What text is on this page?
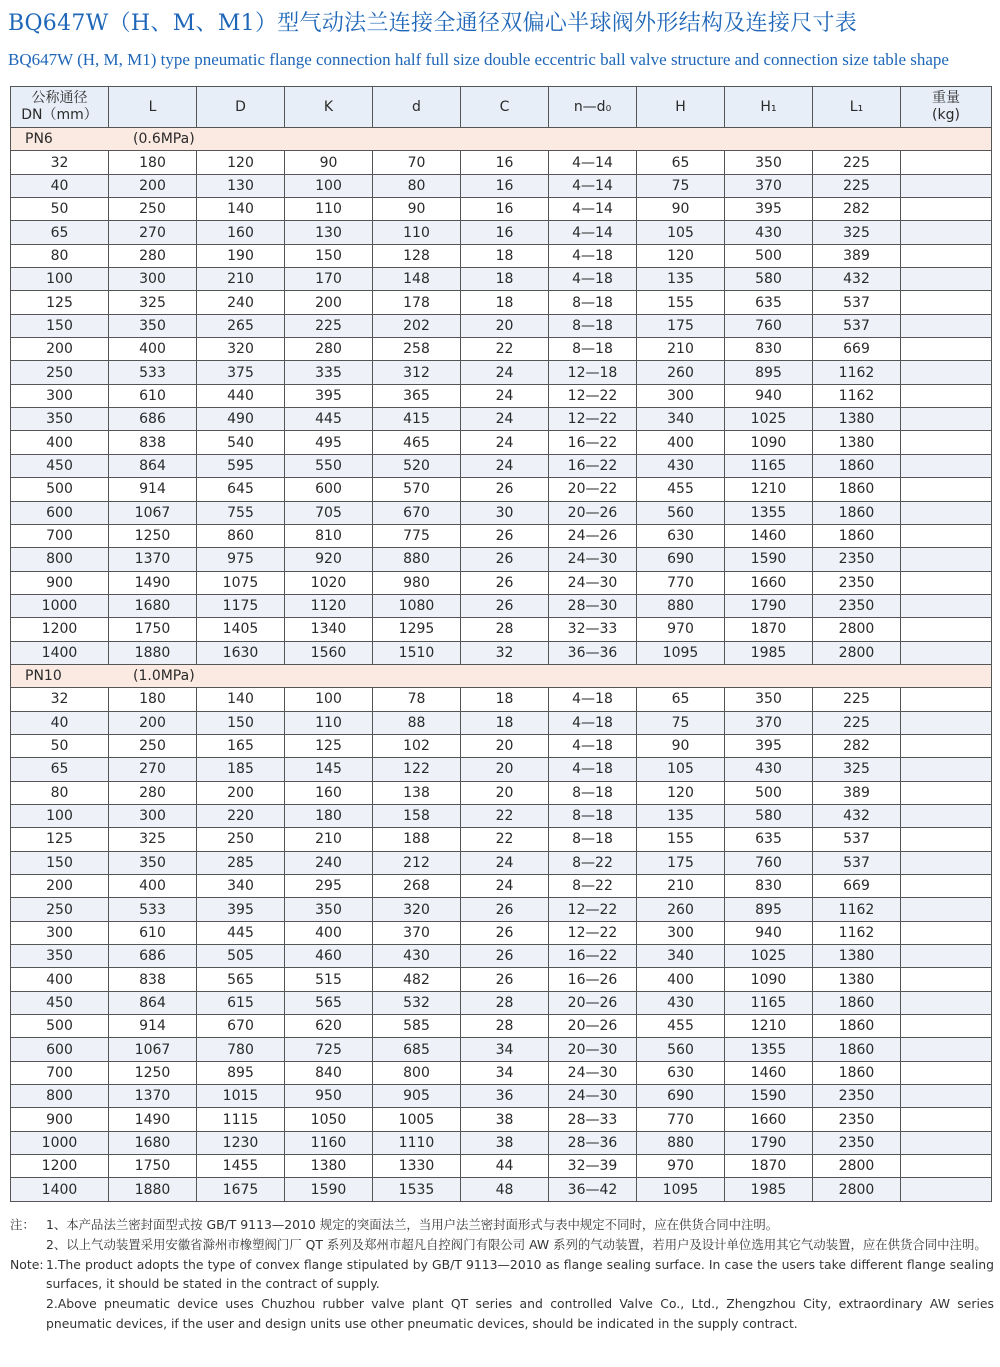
BQ647W（H、M、M1）型气动法兰连接全通径双偏心半球阀外形结构及连接尺寸表
BQ647W (H, M, M1) type pneumatic flange connection half full size double eccentric ball valve structure and connection size table shape
公称通径
DN（mm）	L	D	K	d	C	n—d₀	H	H₁	L₁	重量
(kg)
PN6 (0.6MPa)										
32	180	120	90	70	16	4—14	65	350	225	
40	200	130	100	80	16	4—14	75	370	225	
50	250	140	110	90	16	4—14	90	395	282	
65	270	160	130	110	16	4—14	105	430	325	
80	280	190	150	128	18	4—18	120	500	389	
100	300	210	170	148	18	4—18	135	580	432	
125	325	240	200	178	18	8—18	155	635	537	
150	350	265	225	202	20	8—18	175	760	537	
200	400	320	280	258	22	8—18	210	830	669	
250	533	375	335	312	24	12—18	260	895	1162	
300	610	440	395	365	24	12—22	300	940	1162	
350	686	490	445	415	24	12—22	340	1025	1380	
400	838	540	495	465	24	16—22	400	1090	1380	
450	864	595	550	520	24	16—22	430	1165	1860	
500	914	645	600	570	26	20—22	455	1210	1860	
600	1067	755	705	670	30	20—26	560	1355	1860	
700	1250	860	810	775	26	24—26	630	1460	1860	
800	1370	975	920	880	26	24—30	690	1590	2350	
900	1490	1075	1020	980	26	24—30	770	1660	2350	
1000	1680	1175	1120	1080	26	28—30	880	1790	2350	
1200	1750	1405	1340	1295	28	32—33	970	1870	2800	
1400	1880	1630	1560	1510	32	36—36	1095	1985	2800	
PN10 (1.0MPa)										
32	180	140	100	78	18	4—18	65	350	225	
40	200	150	110	88	18	4—18	75	370	225	
50	250	165	125	102	20	4—18	90	395	282	
65	270	185	145	122	20	4—18	105	430	325	
80	280	200	160	138	20	8—18	120	500	389	
100	300	220	180	158	22	8—18	135	580	432	
125	325	250	210	188	22	8—18	155	635	537	
150	350	285	240	212	24	8—22	175	760	537	
200	400	340	295	268	24	8—22	210	830	669	
250	533	395	350	320	26	12—22	260	895	1162	
300	610	445	400	370	26	12—22	300	940	1162	
350	686	505	460	430	26	16—22	340	1025	1380	
400	838	565	515	482	26	16—26	400	1090	1380	
450	864	615	565	532	28	20—26	430	1165	1860	
500	914	670	620	585	28	20—26	455	1210	1860	
600	1067	780	725	685	34	20—30	560	1355	1860	
700	1250	895	840	800	34	24—30	630	1460	1860	
800	1370	1015	950	905	36	24—30	690	1590	2350	
900	1490	1115	1050	1005	38	28—33	770	1660	2350	
1000	1680	1230	1160	1110	38	28—36	880	1790	2350	
1200	1750	1455	1380	1330	44	32—39	970	1870	2800	
1400	1880	1675	1590	1535	48	36—42	1095	1985	2800	
注： 1、本产品法兰密封面型式按 GB/T 9113—2010 规定的突面法兰，当用户法兰密封面形式与表中规定不同时，应在供货合同中注明。
2、以上气动装置采用安徽省滁州市橡塑阀门厂 QT 系列及郑州市超凡自控阀门有限公司 AW 系列的气动装置，若用户及设计单位选用其它气动装置，应在供货合同中注明。
Note: 1.The product adopts the type of convex flange stipulated by GB/T 9113—2010 as flange sealing surface. In case the users take different flange sealing surfaces, it should be stated in the contract of supply.
2.Above pneumatic device uses Chuzhou rubber valve plant QT series and controlled Valve Co., Ltd., Zhengzhou City, extraordinary AW series pneumatic devices, if the user and design units use other pneumatic devices, should be indicated in the supply contract.
